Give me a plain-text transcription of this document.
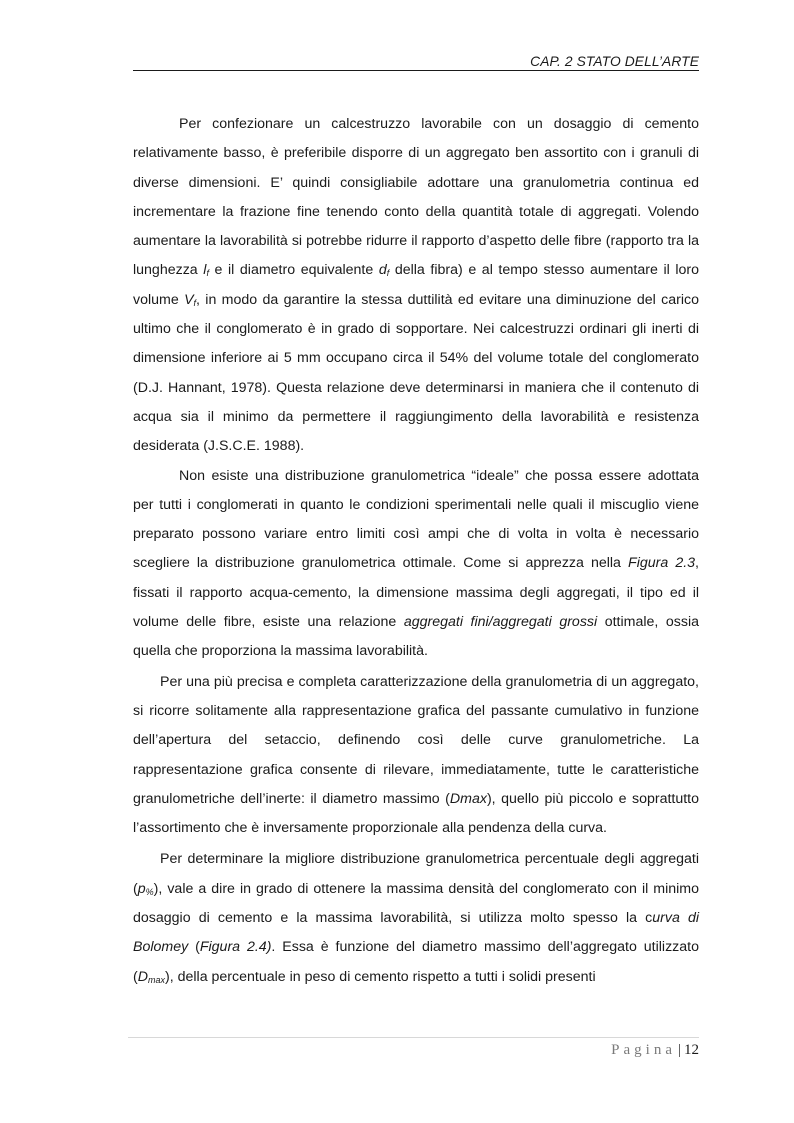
CAP. 2 STATO DELL’ARTE

Per confezionare un calcestruzzo lavorabile con un dosaggio di cemento relativamente basso, è preferibile disporre di un aggregato ben assortito con i granuli di diverse dimensioni. E’ quindi consigliabile adottare una granulometria continua ed incrementare la frazione fine tenendo conto della quantità totale di aggregati. Volendo aumentare la lavorabilità si potrebbe ridurre il rapporto d’aspetto delle fibre (rapporto tra la lunghezza $l_f$ e il diametro equivalente $d_f$ della fibra) e al tempo stesso aumentare il loro volume $V_f$, in modo da garantire la stessa duttilità ed evitare una diminuzione del carico ultimo che il conglomerato è in grado di sopportare. Nei calcestruzzi ordinari gli inerti di dimensione inferiore ai 5 mm occupano circa il 54% del volume totale del conglomerato (D.J. Hannant, 1978). Questa relazione deve determinarsi in maniera che il contenuto di acqua sia il minimo da permettere il raggiungimento della lavorabilità e resistenza desiderata (J.S.C.E. 1988).

Non esiste una distribuzione granulometrica “ideale” che possa essere adottata per tutti i conglomerati in quanto le condizioni sperimentali nelle quali il miscuglio viene preparato possono variare entro limiti così ampi che di volta in volta è necessario scegliere la distribuzione granulometrica ottimale. Come si apprezza nella Figura 2.3, fissati il rapporto acqua-cemento, la dimensione massima degli aggregati, il tipo ed il volume delle fibre, esiste una relazione aggregati fini/aggregati grossi ottimale, ossia quella che proporziona la massima lavorabilità.

Per una più precisa e completa caratterizzazione della granulometria di un aggregato, si ricorre solitamente alla rappresentazione grafica del passante cumulativo in funzione dell’apertura del setaccio, definendo così delle curve granulometriche. La rappresentazione grafica consente di rilevare, immediatamente, tutte le caratteristiche granulometriche dell’inerte: il diametro massimo (Dmax), quello più piccolo e soprattutto l’assortimento che è inversamente proporzionale alla pendenza della curva.

Per determinare la migliore distribuzione granulometrica percentuale degli aggregati $(p_{\%})$, vale a dire in grado di ottenere la massima densità del conglomerato con il minimo dosaggio di cemento e la massima lavorabilità, si utilizza molto spesso la curva di Bolomey (Figura 2.4). Essa è funzione del diametro massimo dell’aggregato utilizzato $(D_{max})$, della percentuale in peso di cemento rispetto a tutti i solidi presenti

Pagina | 12
